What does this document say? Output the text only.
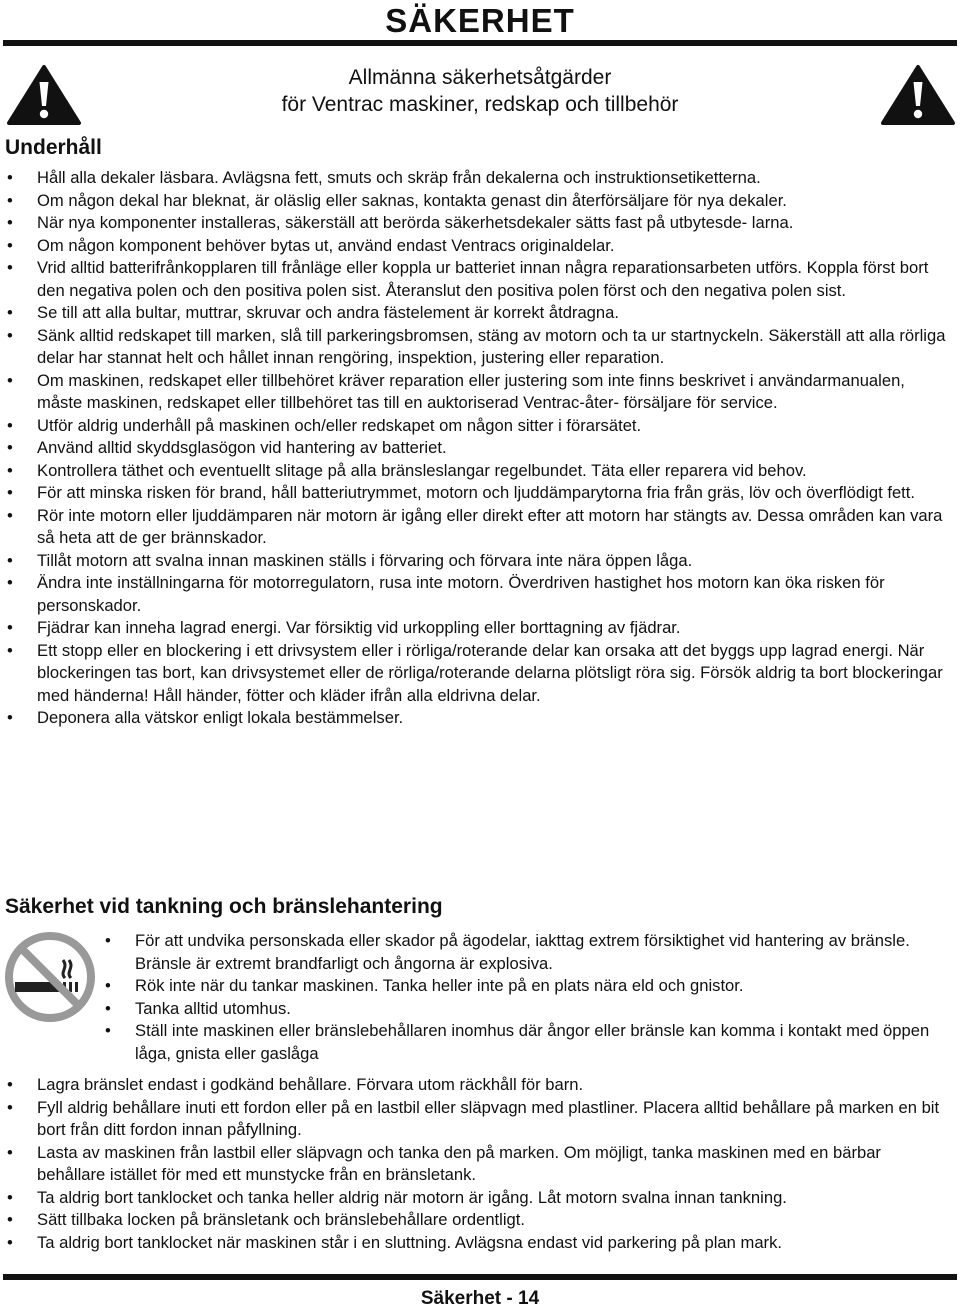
SÄKERHET
Allmänna säkerhetsåtgärder
för Ventrac maskiner, redskap och tillbehör
Underhåll
• Håll alla dekaler läsbara. Avlägsna fett, smuts och skräp från dekalerna och instruktionsetiketterna.
• Om någon dekal har bleknat, är oläslig eller saknas, kontakta genast din återförsäljare för nya dekaler.
• När nya komponenter installeras, säkerställ att berörda säkerhetsdekaler sätts fast på utbytesde- larna.
• Om någon komponent behöver bytas ut, använd endast Ventracs originaldelar.
• Vrid alltid batterifrånkopplaren till frånläge eller koppla ur batteriet innan några reparationsarbeten utförs. Koppla först bort den negativa polen och den positiva polen sist. Återanslut den positiva polen först och den negativa polen sist.
• Se till att alla bultar, muttrar, skruvar och andra fästelement är korrekt åtdragna.
• Sänk alltid redskapet till marken, slå till parkeringsbromsen, stäng av motorn och ta ur startnyckeln. Säkerställ att alla rörliga delar har stannat helt och hållet innan rengöring, inspektion, justering eller reparation.
• Om maskinen, redskapet eller tillbehöret kräver reparation eller justering som inte finns beskrivet i användarmanualen, måste maskinen, redskapet eller tillbehöret tas till en auktoriserad Ventrac-åter- försäljare för service.
• Utför aldrig underhåll på maskinen och/eller redskapet om någon sitter i förarsätet.
• Använd alltid skyddsglasögon vid hantering av batteriet.
• Kontrollera täthet och eventuellt slitage på alla bränsleslangar regelbundet. Täta eller reparera vid behov.
• För att minska risken för brand, håll batteriutrymmet, motorn och ljuddämparytorna fria från gräs, löv och överflödigt fett.
• Rör inte motorn eller ljuddämparen när motorn är igång eller direkt efter att motorn har stängts av. Dessa områden kan vara så heta att de ger brännskador.
• Tillåt motorn att svalna innan maskinen ställs i förvaring och förvara inte nära öppen låga.
• Ändra inte inställningarna för motorregulatorn, rusa inte motorn. Överdriven hastighet hos motorn kan öka risken för personskador.
• Fjädrar kan inneha lagrad energi. Var försiktig vid urkoppling eller borttagning av fjädrar.
• Ett stopp eller en blockering i ett drivsystem eller i rörliga/roterande delar kan orsaka att det byggs upp lagrad energi. När blockeringen tas bort, kan drivsystemet eller de rörliga/roterande delarna plötsligt röra sig. Försök aldrig ta bort blockeringar med händerna! Håll händer, fötter och kläder ifrån alla eldrivna delar.
• Deponera alla vätskor enligt lokala bestämmelser.
Säkerhet vid tankning och bränslehantering
• För att undvika personskada eller skador på ägodelar, iakttag extrem försiktighet vid hantering av bränsle. Bränsle är extremt brandfarligt och ångorna är explosiva.
• Rök inte när du tankar maskinen. Tanka heller inte på en plats nära eld och gnistor.
• Tanka alltid utomhus.
• Ställ inte maskinen eller bränslebehållaren inomhus där ångor eller bränsle kan komma i kontakt med öppen låga, gnista eller gaslåga
• Lagra bränslet endast i godkänd behållare. Förvara utom räckhåll för barn.
• Fyll aldrig behållare inuti ett fordon eller på en lastbil eller släpvagn med plastliner. Placera alltid behållare på marken en bit bort från ditt fordon innan påfyllning.
• Lasta av maskinen från lastbil eller släpvagn och tanka den på marken. Om möjligt, tanka maskinen med en bärbar behållare istället för med ett munstycke från en bränsletank.
• Ta aldrig bort tanklocket och tanka heller aldrig när motorn är igång. Låt motorn svalna innan tankning.
• Sätt tillbaka locken på bränsletank och bränslebehållare ordentligt.
• Ta aldrig bort tanklocket när maskinen står i en sluttning. Avlägsna endast vid parkering på plan mark.
Säkerhet - 14
